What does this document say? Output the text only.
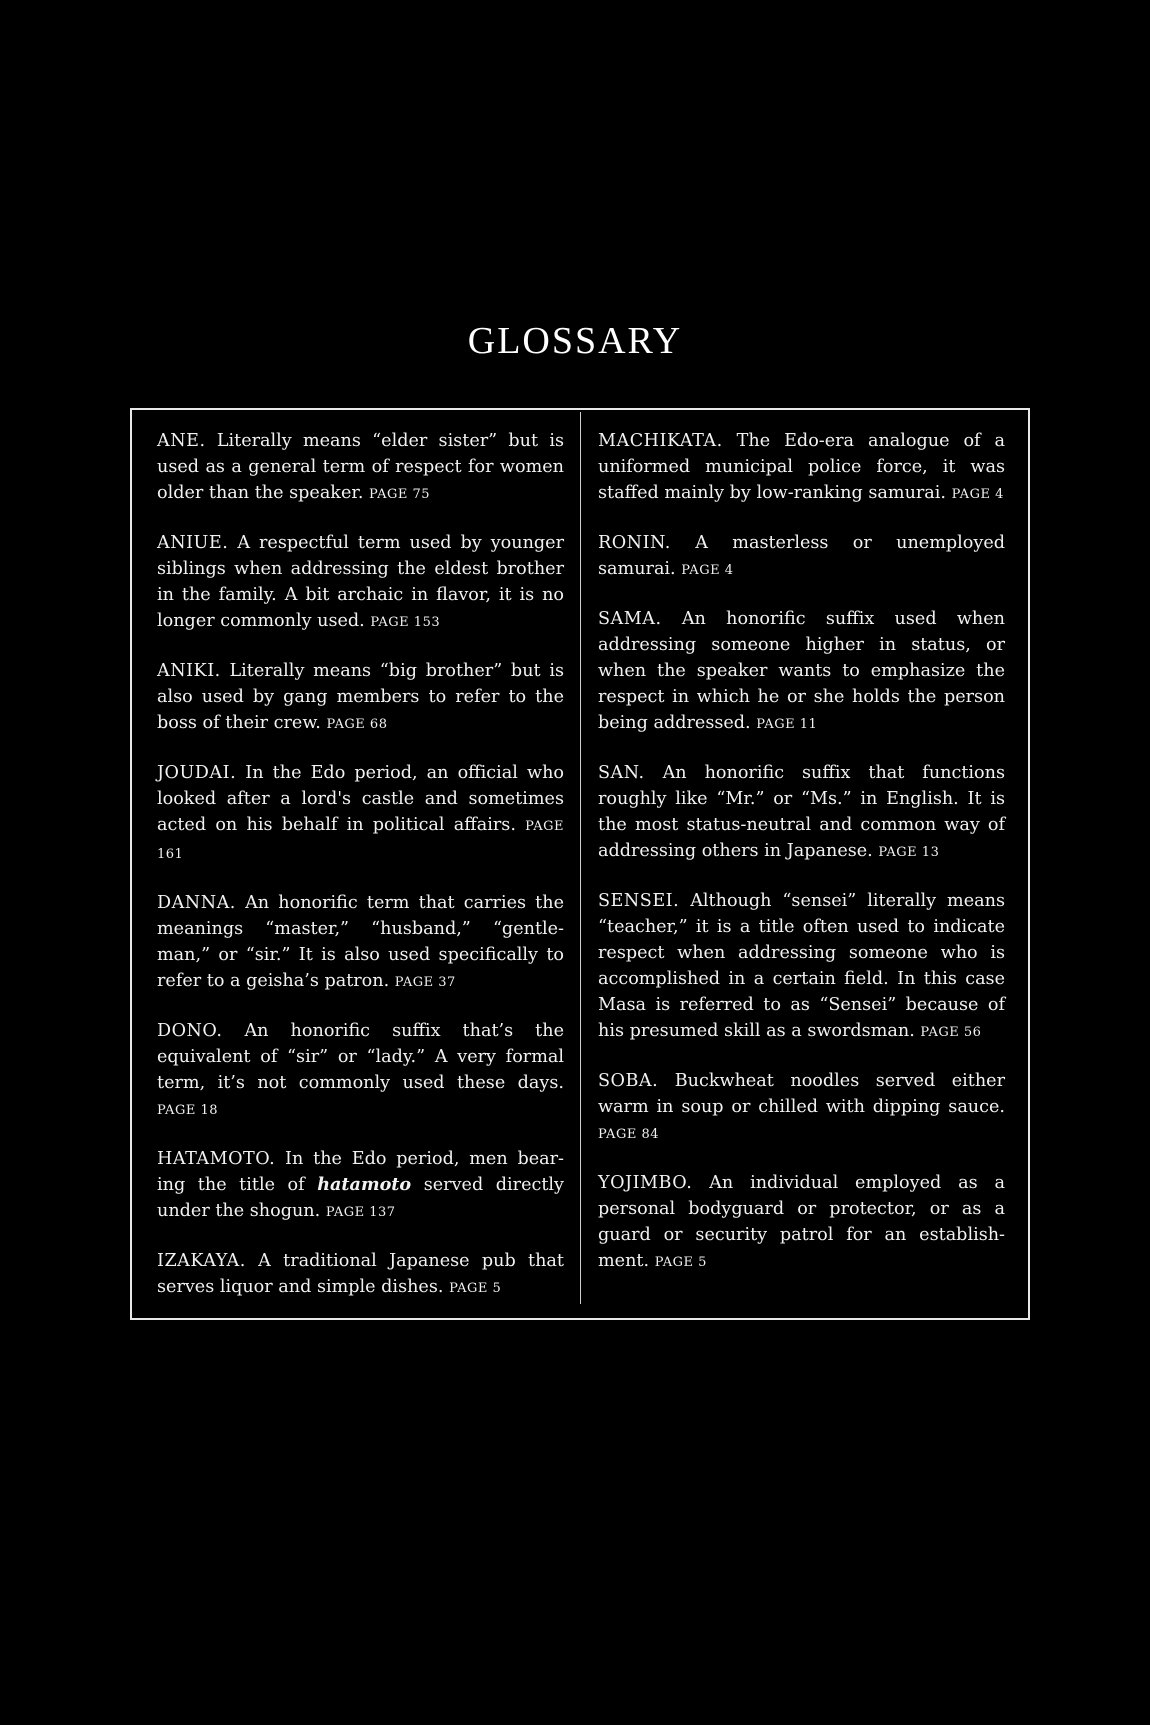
GLOSSARY

ANE. Literally means “elder sister” but is used as a general term of respect for women older than the speaker. PAGE 75

ANIUE. A respectful term used by younger siblings when addressing the eldest brother in the family. A bit archaic in flavor, it is no longer commonly used. PAGE 153

ANIKI. Literally means “big brother” but is also used by gang members to refer to the boss of their crew. PAGE 68

JOUDAI. In the Edo period, an official who looked after a lord's castle and sometimes acted on his behalf in political affairs. PAGE 161

DANNA. An honorific term that carries the meanings “master,” “husband,” “gentle-man,” or “sir.” It is also used specifically to refer to a geisha’s patron. PAGE 37

DONO. An honorific suffix that’s the equivalent of “sir” or “lady.” A very formal term, it’s not commonly used these days. PAGE 18

HATAMOTO. In the Edo period, men bear-ing the title of hatamoto served directly under the shogun. PAGE 137

IZAKAYA. A traditional Japanese pub that serves liquor and simple dishes. PAGE 5

MACHIKATA. The Edo-era analogue of a uniformed municipal police force, it was staffed mainly by low-ranking samurai. PAGE 4

RONIN. A masterless or unemployed samurai. PAGE 4

SAMA. An honorific suffix used when addressing someone higher in status, or when the speaker wants to emphasize the respect in which he or she holds the person being addressed. PAGE 11

SAN. An honorific suffix that functions roughly like “Mr.” or “Ms.” in English. It is the most status-neutral and common way of addressing others in Japanese. PAGE 13

SENSEI. Although “sensei” literally means “teacher,” it is a title often used to indicate respect when addressing someone who is accomplished in a certain field. In this case Masa is referred to as “Sensei” because of his presumed skill as a swordsman. PAGE 56

SOBA. Buckwheat noodles served either warm in soup or chilled with dipping sauce. PAGE 84

YOJIMBO. An individual employed as a personal bodyguard or protector, or as a guard or security patrol for an establish-ment. PAGE 5
